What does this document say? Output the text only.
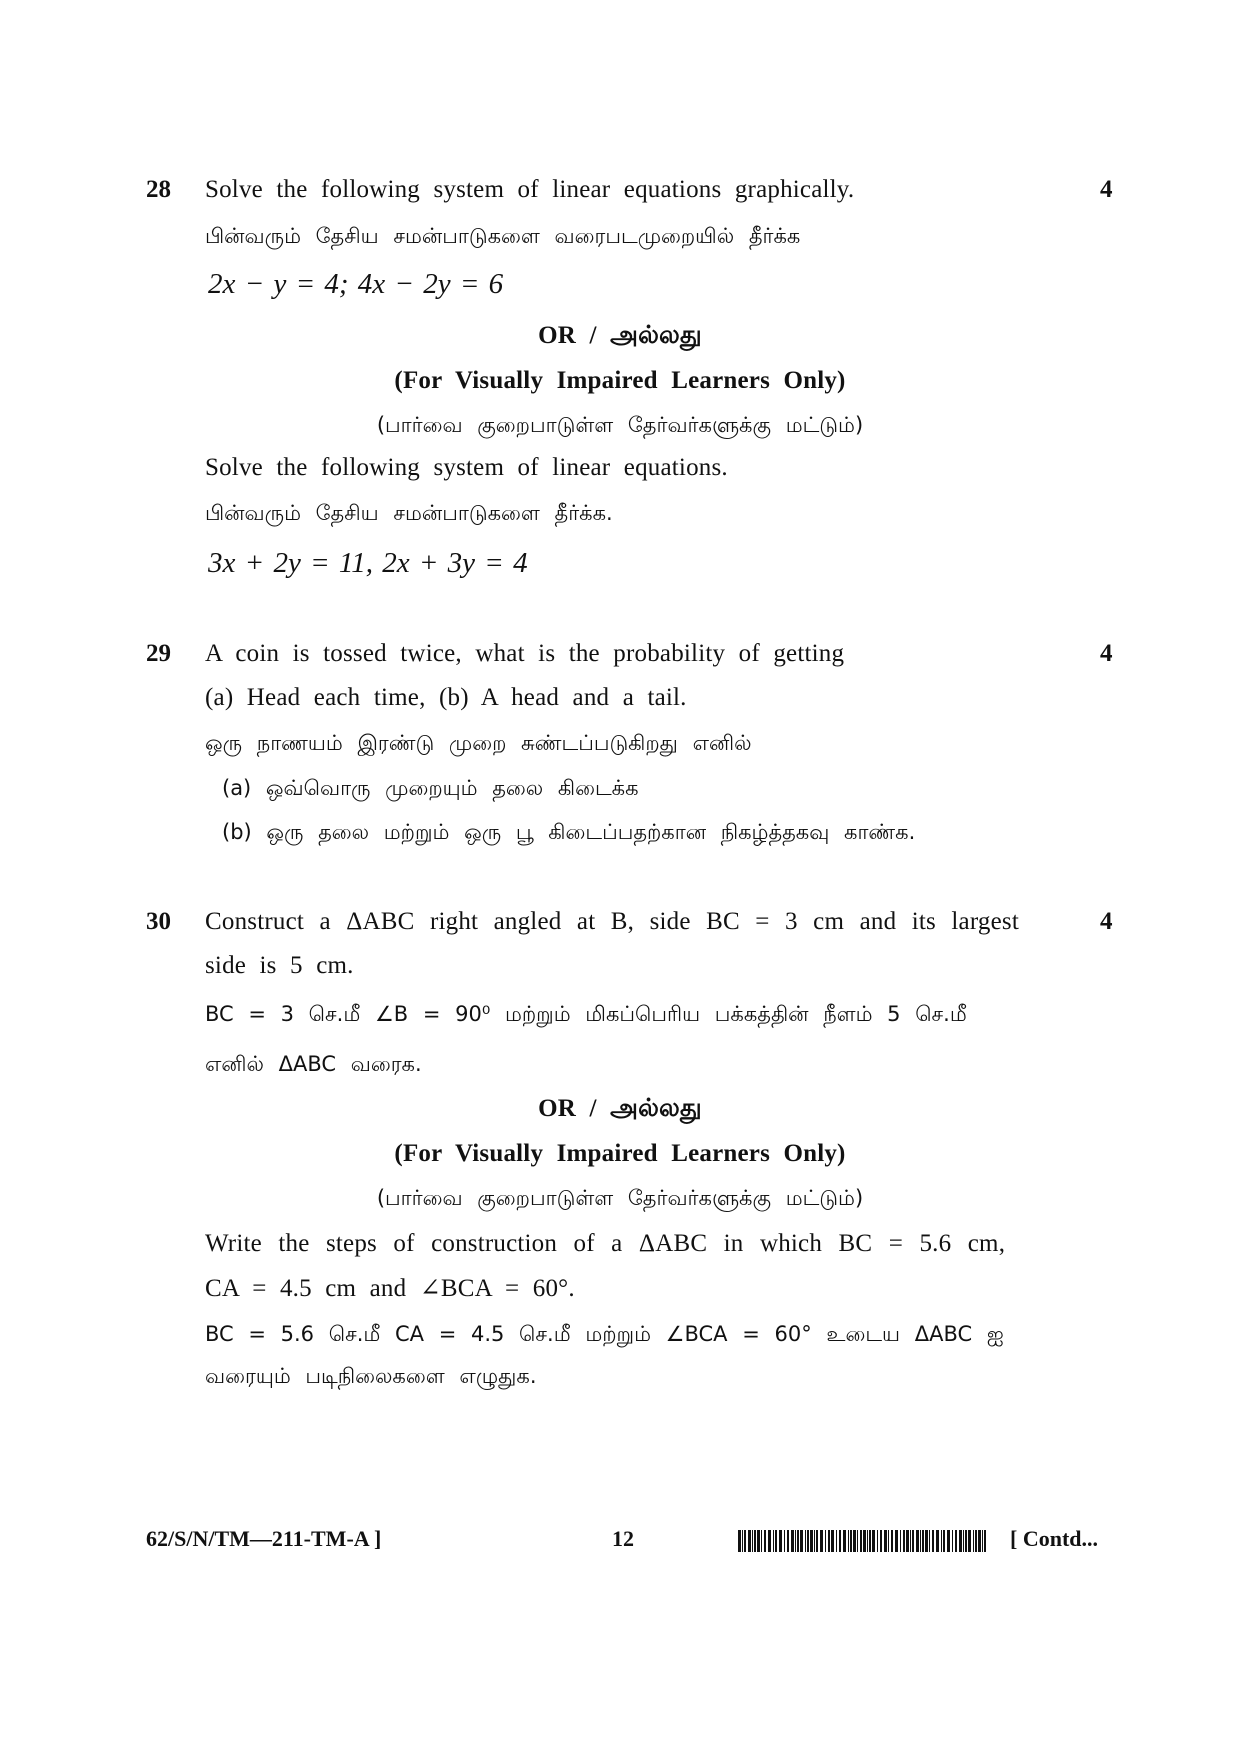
28	4
Solve the following system of linear equations graphically.
பின்வரும் தேசிய சமன்பாடுகளை வரைபடமுறையில் தீர்க்க
2x − y = 4; 4x − 2y = 6
OR / அல்லது
(For Visually Impaired Learners Only)
(பார்வை குறைபாடுள்ள தேர்வர்களுக்கு மட்டும்)
Solve the following system of linear equations.
பின்வரும் தேசிய சமன்பாடுகளை தீர்க்க.
3x + 2y = 11, 2x + 3y = 4
29	4
A coin is tossed twice, what is the probability of getting
(a) Head each time, (b) A head and a tail.
ஒரு நாணயம் இரண்டு முறை சுண்டப்படுகிறது எனில்
(a) ஒவ்வொரு முறையும் தலை கிடைக்க
(b) ஒரு தலை மற்றும் ஒரு பூ கிடைப்பதற்கான நிகழ்த்தகவு காண்க.
30	4
Construct a ΔABC right angled at B, side BC = 3 cm and its largest
side is 5 cm.
BC = 3 செ.மீ ∠B = 90⁰ மற்றும் மிகப்பெரிய பக்கத்தின் நீளம் 5 செ.மீ
எனில் ΔABC வரைக.
OR / அல்லது
(For Visually Impaired Learners Only)
(பார்வை குறைபாடுள்ள தேர்வர்களுக்கு மட்டும்)
Write the steps of construction of a ΔABC in which BC = 5.6 cm,
CA = 4.5 cm and ∠BCA = 60°.
BC = 5.6 செ.மீ CA = 4.5 செ.மீ மற்றும் ∠BCA = 60° உடைய ΔABC ஐ
வரையும் படிநிலைகளை எழுதுக.
62/S/N/TM—211-TM-A ]	12	[ Contd...
